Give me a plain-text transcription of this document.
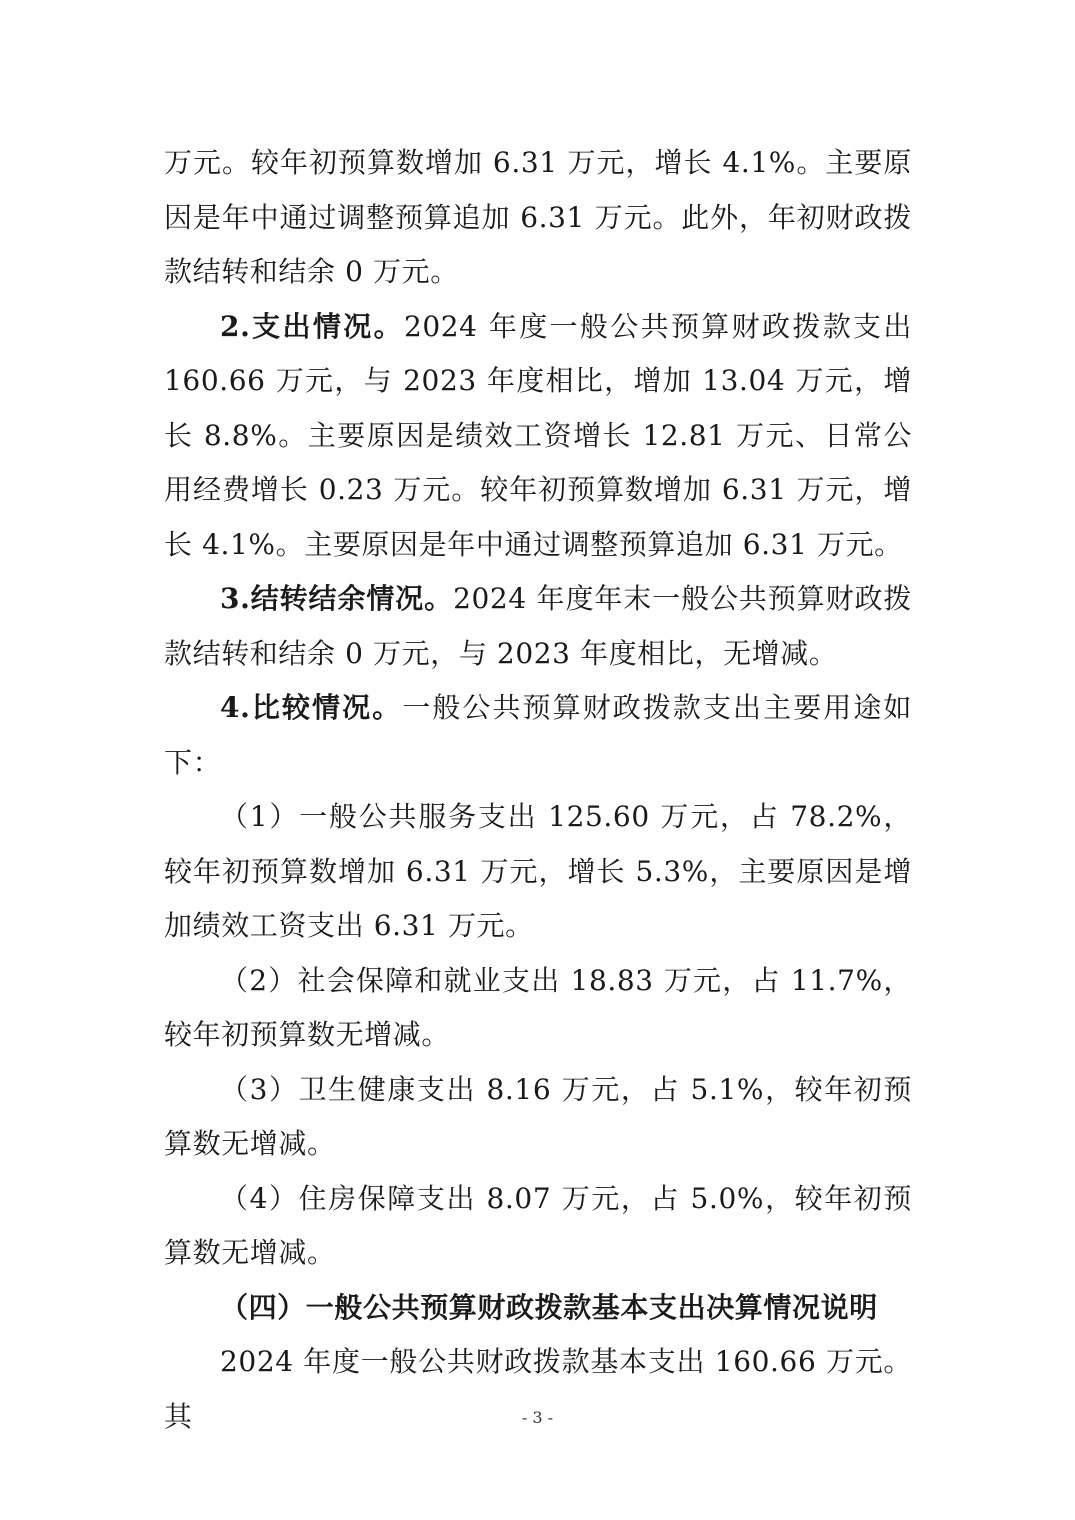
万元。较年初预算数增加 6.31 万元，增长 4.1%。主要原因是年中通过调整预算追加 6.31 万元。此外，年初财政拨款结转和结余 0 万元。

2.支出情况。2024 年度一般公共预算财政拨款支出 160.66 万元，与 2023 年度相比，增加 13.04 万元，增长 8.8%。主要原因是绩效工资增长 12.81 万元、日常公用经费增长 0.23 万元。较年初预算数增加 6.31 万元，增长 4.1%。主要原因是年中通过调整预算追加 6.31 万元。

3.结转结余情况。2024 年度年末一般公共预算财政拨款结转和结余 0 万元，与 2023 年度相比，无增减。

4.比较情况。一般公共预算财政拨款支出主要用途如下：

（1）一般公共服务支出 125.60 万元，占 78.2%，较年初预算数增加 6.31 万元，增长 5.3%，主要原因是增加绩效工资支出 6.31 万元。

（2）社会保障和就业支出 18.83 万元，占 11.7%，较年初预算数无增减。

（3）卫生健康支出 8.16 万元，占 5.1%，较年初预算数无增减。

（4）住房保障支出 8.07 万元，占 5.0%，较年初预算数无增减。

（四）一般公共预算财政拨款基本支出决算情况说明

2024 年度一般公共财政拨款基本支出 160.66 万元。其	- 3 -
